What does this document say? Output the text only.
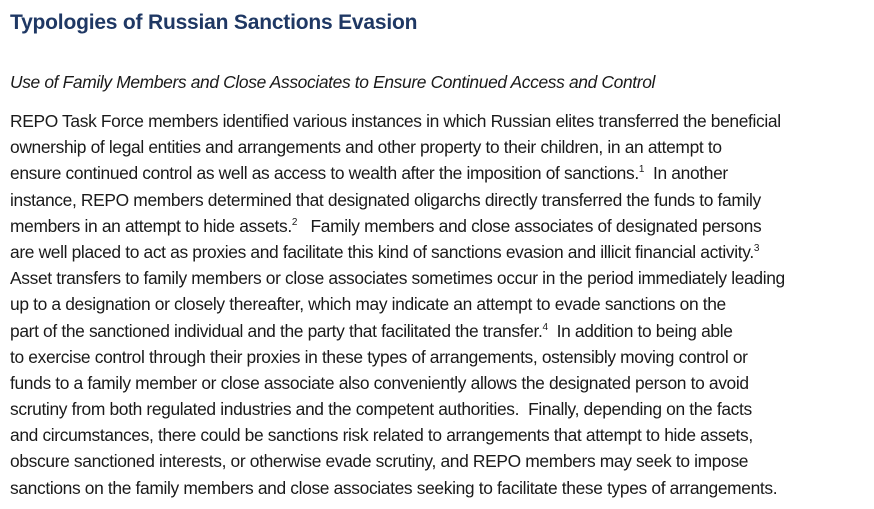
Typologies of Russian Sanctions Evasion

Use of Family Members and Close Associates to Ensure Continued Access and Control

REPO Task Force members identified various instances in which Russian elites transferred the beneficial
ownership of legal entities and arrangements and other property to their children, in an attempt to
ensure continued control as well as access to wealth after the imposition of sanctions.$^1$  In another
instance, REPO members determined that designated oligarchs directly transferred the funds to family
members in an attempt to hide assets.$^2$   Family members and close associates of designated persons
are well placed to act as proxies and facilitate this kind of sanctions evasion and illicit financial activity.$^3$
Asset transfers to family members or close associates sometimes occur in the period immediately leading
up to a designation or closely thereafter, which may indicate an attempt to evade sanctions on the
part of the sanctioned individual and the party that facilitated the transfer.$^4$  In addition to being able
to exercise control through their proxies in these types of arrangements, ostensibly moving control or
funds to a family member or close associate also conveniently allows the designated person to avoid
scrutiny from both regulated industries and the competent authorities.  Finally, depending on the facts
and circumstances, there could be sanctions risk related to arrangements that attempt to hide assets,
obscure sanctioned interests, or otherwise evade scrutiny, and REPO members may seek to impose
sanctions on the family members and close associates seeking to facilitate these types of arrangements.
